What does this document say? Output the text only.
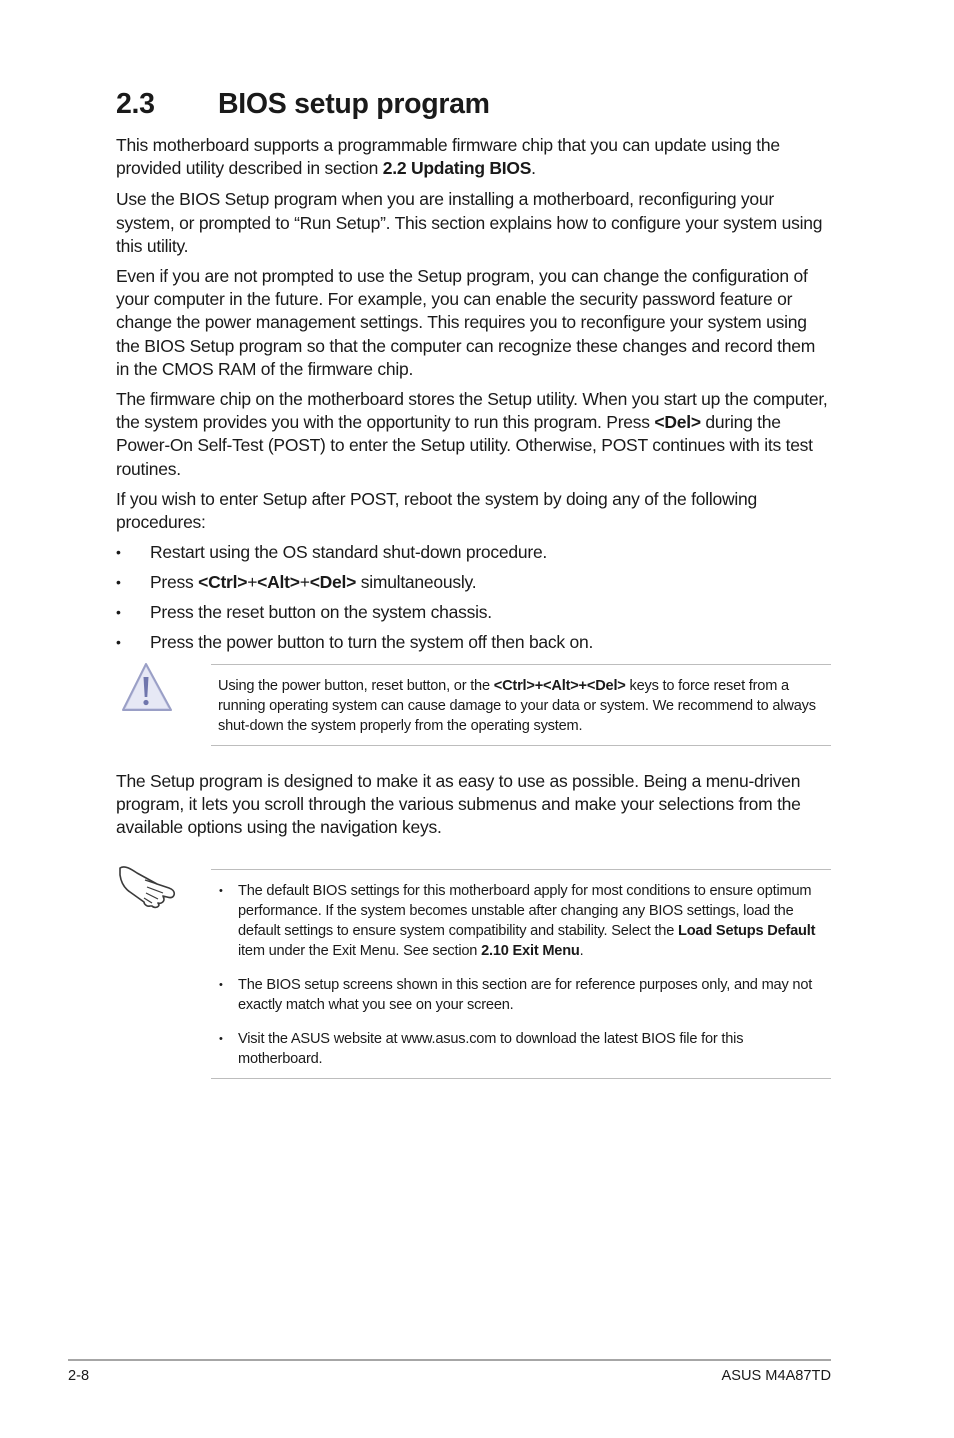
2.3	BIOS setup program

This motherboard supports a programmable firmware chip that you can update using the provided utility described in section 2.2 Updating BIOS.

Use the BIOS Setup program when you are installing a motherboard, reconfiguring your system, or prompted to “Run Setup”. This section explains how to configure your system using this utility.

Even if you are not prompted to use the Setup program, you can change the configuration of your computer in the future. For example, you can enable the security password feature or change the power management settings. This requires you to reconfigure your system using the BIOS Setup program so that the computer can recognize these changes and record them in the CMOS RAM of the firmware chip.

The firmware chip on the motherboard stores the Setup utility. When you start up the computer, the system provides you with the opportunity to run this program. Press <Del> during the Power-On Self-Test (POST) to enter the Setup utility. Otherwise, POST continues with its test routines.

If you wish to enter Setup after POST, reboot the system by doing any of the following procedures:

• Restart using the OS standard shut-down procedure.
• Press <Ctrl>+<Alt>+<Del> simultaneously.
• Press the reset button on the system chassis.
• Press the power button to turn the system off then back on.
Using the power button, reset button, or the <Ctrl>+<Alt>+<Del> keys to force reset from a running operating system can cause damage to your data or system. We recommend to always shut-down the system properly from the operating system.

The Setup program is designed to make it as easy to use as possible. Being a menu-driven program, it lets you scroll through the various submenus and make your selections from the available options using the navigation keys.

• The default BIOS settings for this motherboard apply for most conditions to ensure optimum performance. If the system becomes unstable after changing any BIOS settings, load the default settings to ensure system compatibility and stability. Select the Load Setups Default item under the Exit Menu. See section 2.10 Exit Menu.
• The BIOS setup screens shown in this section are for reference purposes only, and may not exactly match what you see on your screen.
• Visit the ASUS website at www.asus.com to download the latest BIOS file for this motherboard.
2-8	ASUS M4A87TD
